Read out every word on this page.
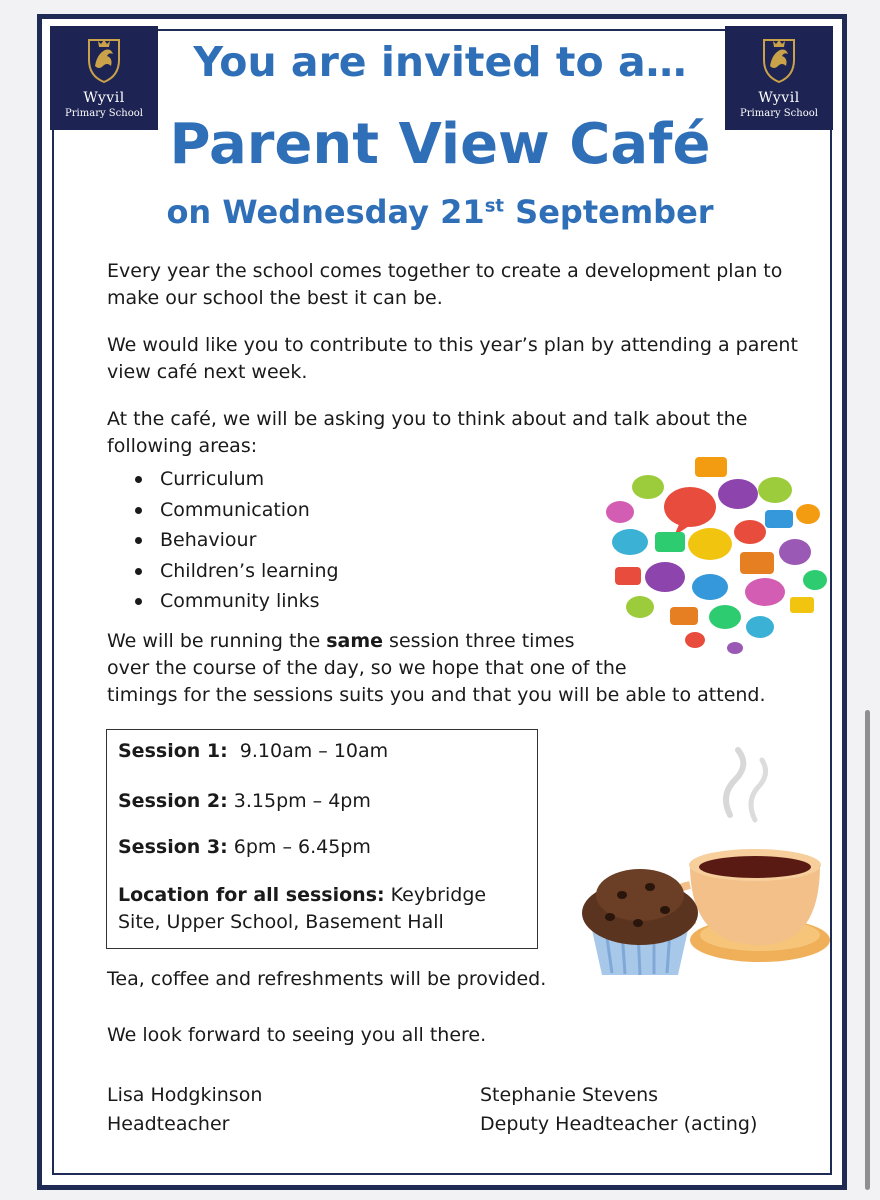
Wyvil
Primary School
Wyvil
Primary School
You are invited to a…
Parent View Café
on Wednesday 21st September
Every year the school comes together to create a development plan to make our school the best it can be.
We would like you to contribute to this year’s plan by attending a parent view café next week.
At the café, we will be asking you to think about and talk about the following areas:
Curriculum
Communication
Behaviour
Children’s learning
Community links
We will be running the same session three times
over the course of the day, so we hope that one of the
timings for the sessions suits you and that you will be able to attend.
Session 1:  9.10am – 10am
Session 2: 3.15pm – 4pm
Session 3: 6pm – 6.45pm
Location for all sessions: Keybridge Site, Upper School, Basement Hall
Tea, coffee and refreshments will be provided.
We look forward to seeing you all there.
Lisa Hodgkinson
Headteacher
Stephanie Stevens
Deputy Headteacher (acting)
